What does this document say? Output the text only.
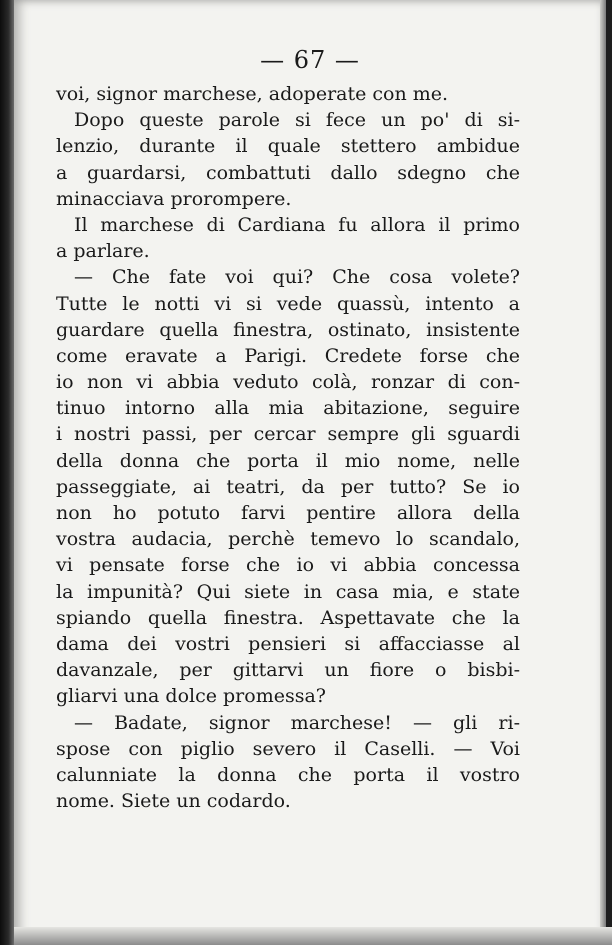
— 67 —
voi, signor marchese, adoperate con me.
Dopo queste parole si fece un po' di si-
lenzio, durante il quale stettero ambidue
a guardarsi, combattuti dallo sdegno che
minacciava prorompere.
Il marchese di Cardiana fu allora il primo
a parlare.
— Che fate voi qui? Che cosa volete?
Tutte le notti vi si vede quassù, intento a
guardare quella finestra, ostinato, insistente
come eravate a Parigi. Credete forse che
io non vi abbia veduto colà, ronzar di con-
tinuo intorno alla mia abitazione, seguire
i nostri passi, per cercar sempre gli sguardi
della donna che porta il mio nome, nelle
passeggiate, ai teatri, da per tutto? Se io
non ho potuto farvi pentire allora della
vostra audacia, perchè temevo lo scandalo,
vi pensate forse che io vi abbia concessa
la impunità? Qui siete in casa mia, e state
spiando quella finestra. Aspettavate che la
dama dei vostri pensieri si affacciasse al
davanzale, per gittarvi un fiore o bisbi-
gliarvi una dolce promessa?
— Badate, signor marchese! — gli ri-
spose con piglio severo il Caselli. — Voi
calunniate la donna che porta il vostro
nome. Siete un codardo.
